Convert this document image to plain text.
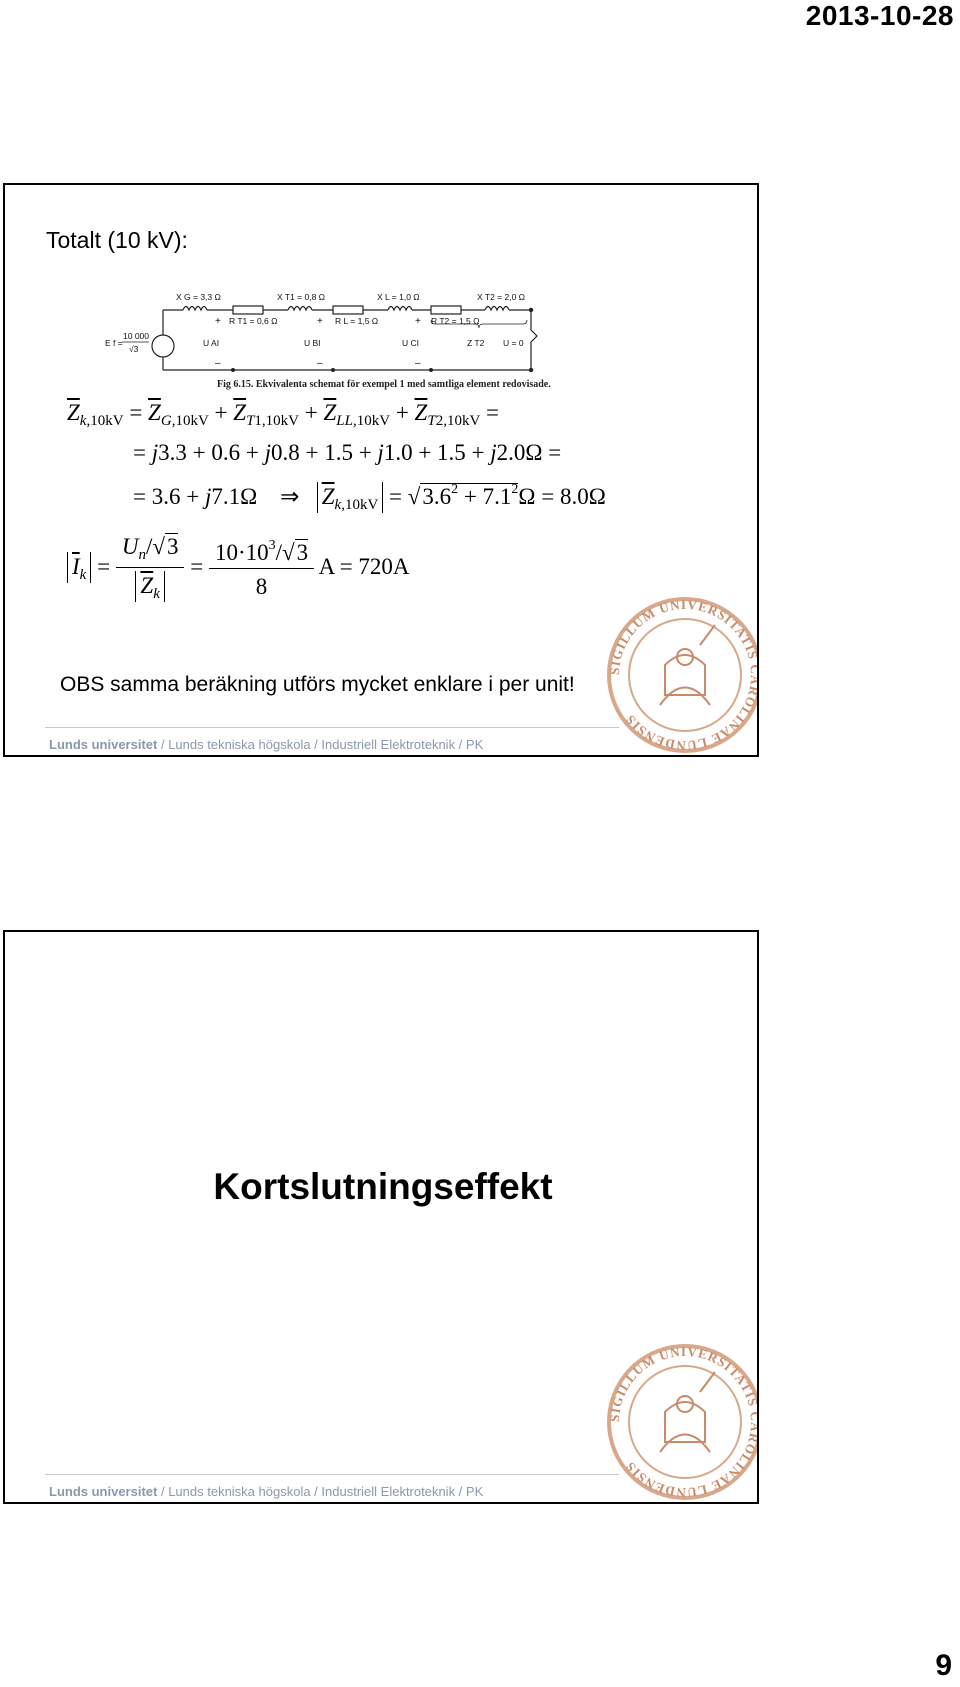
2013-10-28
Totalt (10 kV):
X G = 3,3 Ω	X T1 = 0,8 Ω	X L = 1,0 Ω	X T2 = 2,0 Ω
R T1 = 0,6 Ω	R L = 1,5 Ω	R T2 = 1,5 Ω
+	+	+
–	–	–
U AI	U BI	U CI	Z T2 U = 0
E f =
10 000
√3
Fig 6.15. Ekvivalenta schemat för exempel 1 med samtliga element redovisade.
$\overline{Z}_{k,10kV} = \overline{Z}_{G,10kV} + \overline{Z}_{T1,10kV} + \overline{Z}_{LL,10kV} + \overline{Z}_{T2,10kV}$ =
= j3.3 + 0.6 + j0.8 + 1.5 + j1.0 + 1.5 + j2.0Ω =
= 3.6 + j7.1Ω    ⇒   $\overline{Z}_{k,10kV} = √3.6^2 + 7.1^2\Omega = 8.0\Omega$
$\overline{I}_k = \frac{U_n/√3}{\overline{Z}_k} = \frac{10\cdot 10^3/√3}{8}$ A = 720A
OBS samma beräkning utförs mycket enklare i per unit!
Lunds universitet / Lunds tekniska högskola / Industriell Elektroteknik / PK
SIGILLUM UNIVERSITATIS CAROLINAE LUNDENSIS
Kortslutningseffekt
Lunds universitet / Lunds tekniska högskola / Industriell Elektroteknik / PK
SIGILLUM UNIVERSITATIS CAROLINAE LUNDENSIS
9
